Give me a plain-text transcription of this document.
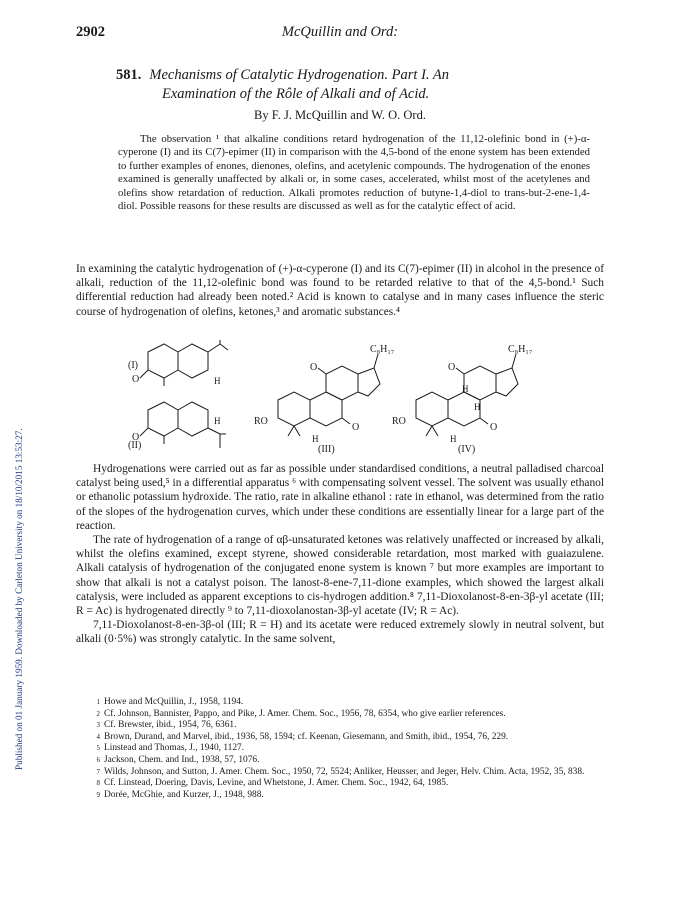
Published on 01 January 1959. Downloaded by Carleton University on 18/10/2015 13:53:27.
2902	McQuillin and Ord:
581. Mechanisms of Catalytic Hydrogenation. Part I. An
Examination of the Rôle of Alkali and of Acid.
By F. J. McQuillin and W. O. Ord.

The observation ¹ that alkaline conditions retard hydrogenation of the 11,12-olefinic bond in (+)-α-cyperone (I) and its C(7)-epimer (II) in comparison with the 4,5-bond of the enone system has been extended to further examples of enones, dienones, olefins, and acetylenic compounds. The hydrogenation of the enones examined is generally unaffected by alkali or, in some cases, accelerated, whilst most of the acetylenes and olefins show retardation of reduction. Alkali promotes reduction of butyne-1,4-diol to trans-but-2-ene-1,4-diol. Possible reasons for these results are discussed as well as for the catalytic effect of acid.

In examining the catalytic hydrogenation of (+)-α-cyperone (I) and its C(7)-epimer (II) in alcohol in the presence of alkali, reduction of the 11,12-olefinic bond was found to be retarded relative to that of the 4,5-bond.¹ Such differential reduction had already been noted.² Acid is known to catalyse and in many cases influence the steric course of hydrogenation of olefins, ketones,³ and aromatic substances.⁴

(I)
(II)	(III)	(IV)
O
O
H
H
C₈H₁₇	C₈H₁₇
RO	RO
O
O
O
O
H	H
H
H

Hydrogenations were carried out as far as possible under standardised conditions, a neutral palladised charcoal catalyst being used,⁵ in a differential apparatus ⁶ with compensating solvent vessel. The solvent was usually ethanol or ethanolic potassium hydroxide. The ratio, rate in alkaline ethanol : rate in ethanol, was determined from the ratio of the slopes of the hydrogenation curves, which under these conditions are essentially linear for a large part of the reaction.

The rate of hydrogenation of a range of αβ-unsaturated ketones was relatively unaffected or increased by alkali, whilst the olefins examined, except styrene, showed considerable retardation, most marked with guaiazulene. Alkali catalysis of hydrogenation of the conjugated enone system is known ⁷ but more examples are important to show that alkali is not a catalyst poison. The lanost-8-ene-7,11-dione examples, which showed the largest alkali catalysis, were included as apparent exceptions to cis-hydrogen addition.⁸ 7,11-Dioxolanost-8-en-3β-yl acetate (III; R = Ac) is hydrogenated directly ⁹ to 7,11-dioxolanostan-3β-yl acetate (IV; R = Ac).

7,11-Dioxolanost-8-en-3β-ol (III; R = H) and its acetate were reduced extremely slowly in neutral solvent, but alkali (0·5%) was strongly catalytic. In the same solvent,

1 Howe and McQuillin, J., 1958, 1194.

2 Cf. Johnson, Bannister, Pappo, and Pike, J. Amer. Chem. Soc., 1956, 78, 6354, who give earlier references.

3 Cf. Brewster, ibid., 1954, 76, 6361.

4 Brown, Durand, and Marvel, ibid., 1936, 58, 1594; cf. Keenan, Giesemann, and Smith, ibid., 1954, 76, 229.

5 Linstead and Thomas, J., 1940, 1127.

6 Jackson, Chem. and Ind., 1938, 57, 1076.

7 Wilds, Johnson, and Sutton, J. Amer. Chem. Soc., 1950, 72, 5524; Anliker, Heusser, and Jeger, Helv. Chim. Acta, 1952, 35, 838.

8 Cf. Linstead, Doering, Davis, Levine, and Whetstone, J. Amer. Chem. Soc., 1942, 64, 1985.

9 Dorée, McGhie, and Kurzer, J., 1948, 988.
